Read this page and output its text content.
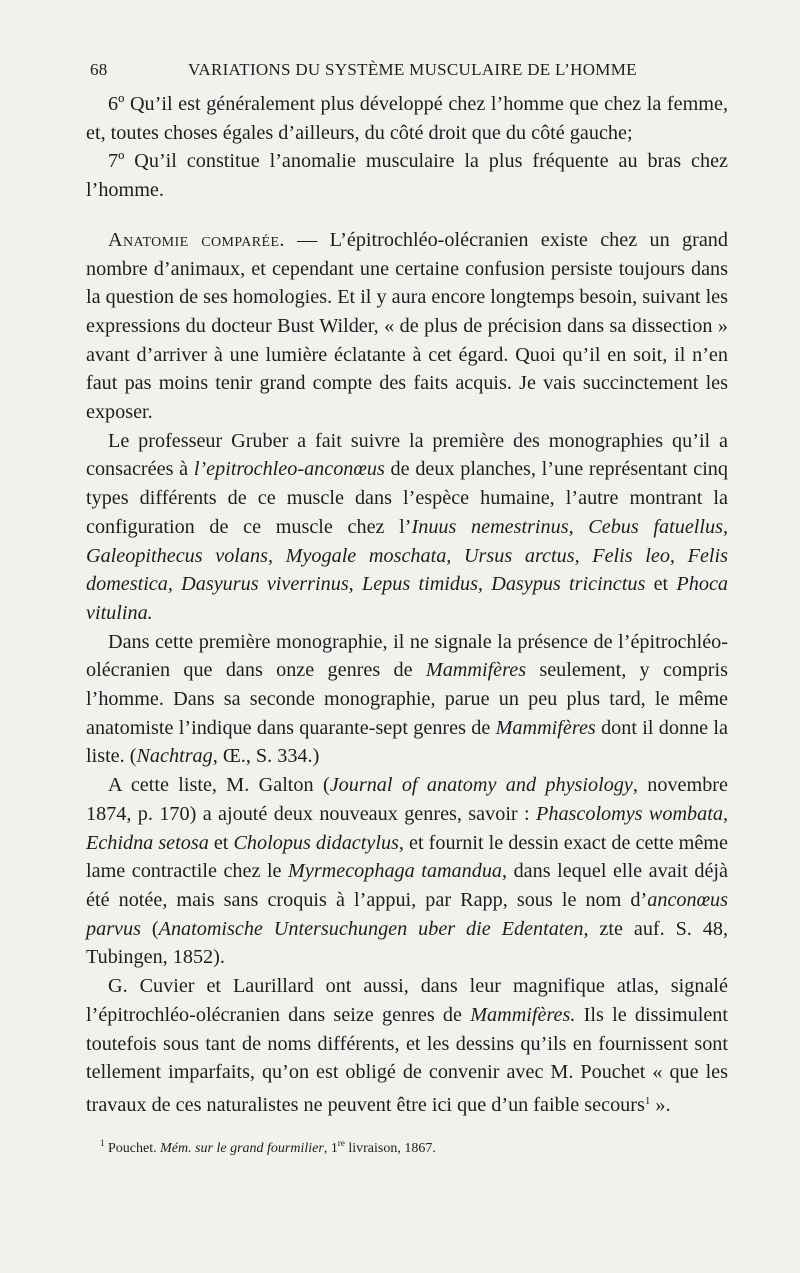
68	VARIATIONS DU SYSTÈME MUSCULAIRE DE L’HOMME

6º Qu’il est généralement plus développé chez l’homme que chez la femme, et, toutes choses égales d’ailleurs, du côté droit que du côté gauche;

7º Qu’il constitue l’anomalie musculaire la plus fréquente au bras chez l’homme.

Anatomie comparée. — L’épitrochléo-olécranien existe chez un grand nombre d’animaux, et cependant une certaine confusion persiste toujours dans la question de ses homologies. Et il y aura encore longtemps besoin, suivant les expressions du docteur Bust Wilder, « de plus de précision dans sa dissection » avant d’arriver à une lumière éclatante à cet égard. Quoi qu’il en soit, il n’en faut pas moins tenir grand compte des faits acquis. Je vais succinctement les exposer.

Le professeur Gruber a fait suivre la première des monographies qu’il a consacrées à l’epitrochleo-anconœus de deux planches, l’une représentant cinq types différents de ce muscle dans l’espèce humaine, l’autre montrant la configuration de ce muscle chez l’Inuus nemestrinus, Cebus fatuellus, Galeopithecus volans, Myogale moschata, Ursus arctus, Felis leo, Felis domestica, Dasyurus viverrinus, Lepus timidus, Dasypus tricinctus et Phoca vitulina.

Dans cette première monographie, il ne signale la présence de l’épitrochléo-olécranien que dans onze genres de Mammifères seulement, y compris l’homme. Dans sa seconde monographie, parue un peu plus tard, le même anatomiste l’indique dans quarante-sept genres de Mammifères dont il donne la liste. (Nachtrag, Œ., S. 334.)

A cette liste, M. Galton (Journal of anatomy and physiology, novembre 1874, p. 170) a ajouté deux nouveaux genres, savoir : Phascolomys wombata, Echidna setosa et Cholopus didactylus, et fournit le dessin exact de cette même lame contractile chez le Myrmecophaga tamandua, dans lequel elle avait déjà été notée, mais sans croquis à l’appui, par Rapp, sous le nom d’anconœus parvus (Anatomische Untersuchungen uber die Edentaten, zte auf. S. 48, Tubingen, 1852).

G. Cuvier et Laurillard ont aussi, dans leur magnifique atlas, signalé l’épitrochléo-olécranien dans seize genres de Mammifères. Ils le dissimulent toutefois sous tant de noms différents, et les dessins qu’ils en fournissent sont tellement imparfaits, qu’on est obligé de convenir avec M. Pouchet « que les travaux de ces naturalistes ne peuvent être ici que d’un faible secours$^1$ ».

$^1$ Pouchet. Mém. sur le grand fourmilier, 1re livraison, 1867.
